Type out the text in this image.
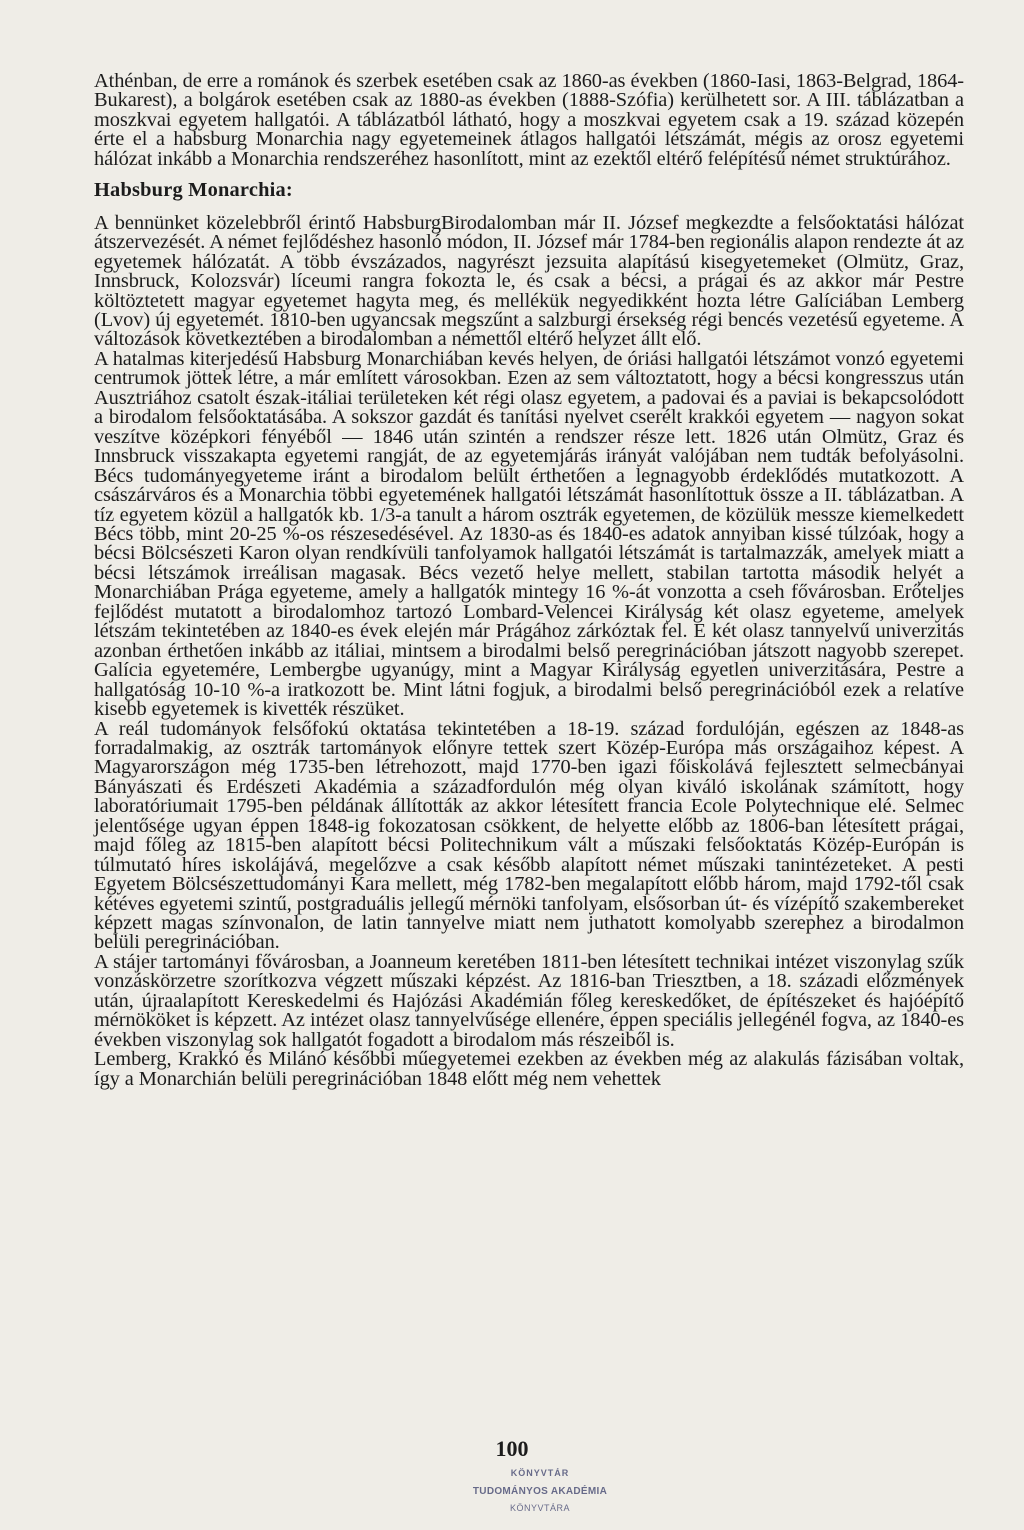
Athénban, de erre a románok és szerbek esetében csak az 1860-as években (1860-Iasi, 1863-Belgrad, 1864-Bukarest), a bolgárok esetében csak az 1880-as években (1888-Szófia) kerülhetett sor. A III. táblázatban a moszkvai egyetem hallgatói. A táblázatból látható, hogy a moszkvai egyetem csak a 19. század közepén érte el a habsburg Monarchia nagy egyetemeinek átlagos hallgatói létszámát, mégis az orosz egyetemi hálózat inkább a Monarchia rendszeréhez hasonlított, mint az ezektől eltérő felépítésű német struktúrához.

Habsburg Monarchia:

A bennünket közelebbről érintő HabsburgBirodalomban már II. József megkezdte a felsőoktatási hálózat átszervezését. A német fejlődéshez hasonló módon, II. József már 1784-ben regionális alapon rendezte át az egyetemek hálózatát. A több évszázados, nagyrészt jezsuita alapítású kisegyetemeket (Olmütz, Graz, Innsbruck, Kolozsvár) líceumi rangra fokozta le, és csak a bécsi, a prágai és az akkor már Pestre költöztetett magyar egyetemet hagyta meg, és mellékük negyedikként hozta létre Galíciában Lemberg (Lvov) új egyetemét. 1810-ben ugyancsak megszűnt a salzburgi érsekség régi bencés vezetésű egyeteme. A változások következtében a birodalomban a némettől eltérő helyzet állt elő.

A hatalmas kiterjedésű Habsburg Monarchiában kevés helyen, de óriási hallgatói létszámot vonzó egyetemi centrumok jöttek létre, a már említett városokban. Ezen az sem változtatott, hogy a bécsi kongresszus után Ausztriához csatolt észak-itáliai területeken két régi olasz egyetem, a padovai és a paviai is bekapcsolódott a birodalom felsőoktatásába. A sokszor gazdát és tanítási nyelvet cserélt krakkói egyetem — nagyon sokat veszítve középkori fényéből — 1846 után szintén a rendszer része lett. 1826 után Olmütz, Graz és Innsbruck visszakapta egyetemi rangját, de az egyetemjárás irányát valójában nem tudták befolyásolni. Bécs tudományegyeteme iránt a birodalom belült érthetően a legnagyobb érdeklődés mutatkozott. A császárváros és a Monarchia többi egyetemének hallgatói létszámát hasonlítottuk össze a II. táblázatban. A tíz egyetem közül a hallgatók kb. 1/3-a tanult a három osztrák egyetemen, de közülük messze kiemelkedett Bécs több, mint 20-25 %-os részesedésével. Az 1830-as és 1840-es adatok annyiban kissé túlzóak, hogy a bécsi Bölcsészeti Karon olyan rendkívüli tanfolyamok hallgatói létszámát is tartalmazzák, amelyek miatt a bécsi létszámok irreálisan magasak. Bécs vezető helye mellett, stabilan tartotta második helyét a Monarchiában Prága egyeteme, amely a hallgatók mintegy 16 %-át vonzotta a cseh fővárosban. Erőteljes fejlődést mutatott a birodalomhoz tartozó Lombard-Velencei Királyság két olasz egyeteme, amelyek létszám tekintetében az 1840-es évek elején már Prágához zárkóztak fel. E két olasz tannyelvű univerzitás azonban érthetően inkább az itáliai, mintsem a birodalmi belső peregrinációban játszott nagyobb szerepet. Galícia egyetemére, Lembergbe ugyanúgy, mint a Magyar Királyság egyetlen univerzitására, Pestre a hallgatóság 10-10 %-a iratkozott be. Mint látni fogjuk, a birodalmi belső peregrinációból ezek a relatíve kisebb egyetemek is kivették részüket.

A reál tudományok felsőfokú oktatása tekintetében a 18-19. század fordulóján, egészen az 1848-as forradalmakig, az osztrák tartományok előnyre tettek szert Közép-Európa más országaihoz képest. A Magyarországon még 1735-ben létrehozott, majd 1770-ben igazi főiskolává fejlesztett selmecbányai Bányászati és Erdészeti Akadémia a századfordulón még olyan kiváló iskolának számított, hogy laboratóriumait 1795-ben példának állították az akkor létesített francia Ecole Polytechnique elé. Selmec jelentősége ugyan éppen 1848-ig fokozatosan csökkent, de helyette előbb az 1806-ban létesített prágai, majd főleg az 1815-ben alapított bécsi Politechnikum vált a műszaki felsőoktatás Közép-Európán is túlmutató híres iskolájává, megelőzve a csak később alapított német műszaki tanintézeteket. A pesti Egyetem Bölcsészettudományi Kara mellett, még 1782-ben megalapított előbb három, majd 1792-től csak kétéves egyetemi szintű, postgraduális jellegű mérnöki tanfolyam, elsősorban út- és vízépítő szakembereket képzett magas színvonalon, de latin tannyelve miatt nem juthatott komolyabb szerephez a birodalmon belüli peregrinációban.

A stájer tartományi fővárosban, a Joanneum keretében 1811-ben létesített technikai intézet viszonylag szűk vonzáskörzetre szorítkozva végzett műszaki képzést. Az 1816-ban Triesztben, a 18. századi előzmények után, újraalapított Kereskedelmi és Hajózási Akadémián főleg kereskedőket, de építészeket és hajóépítő mérnököket is képzett. Az intézet olasz tannyelvűsége ellenére, éppen speciális jellegénél fogva, az 1840-es években viszonylag sok hallgatót fogadott a birodalom más részeiből is.

Lemberg, Krakkó és Milánó későbbi műegyetemei ezekben az években még az alakulás fázisában voltak, így a Monarchián belüli peregrinációban 1848 előtt még nem vehettek

100
KÖNYVTÁR
TUDOMÁNYOS AKADÉMIA
KÖNYVTÁRA
